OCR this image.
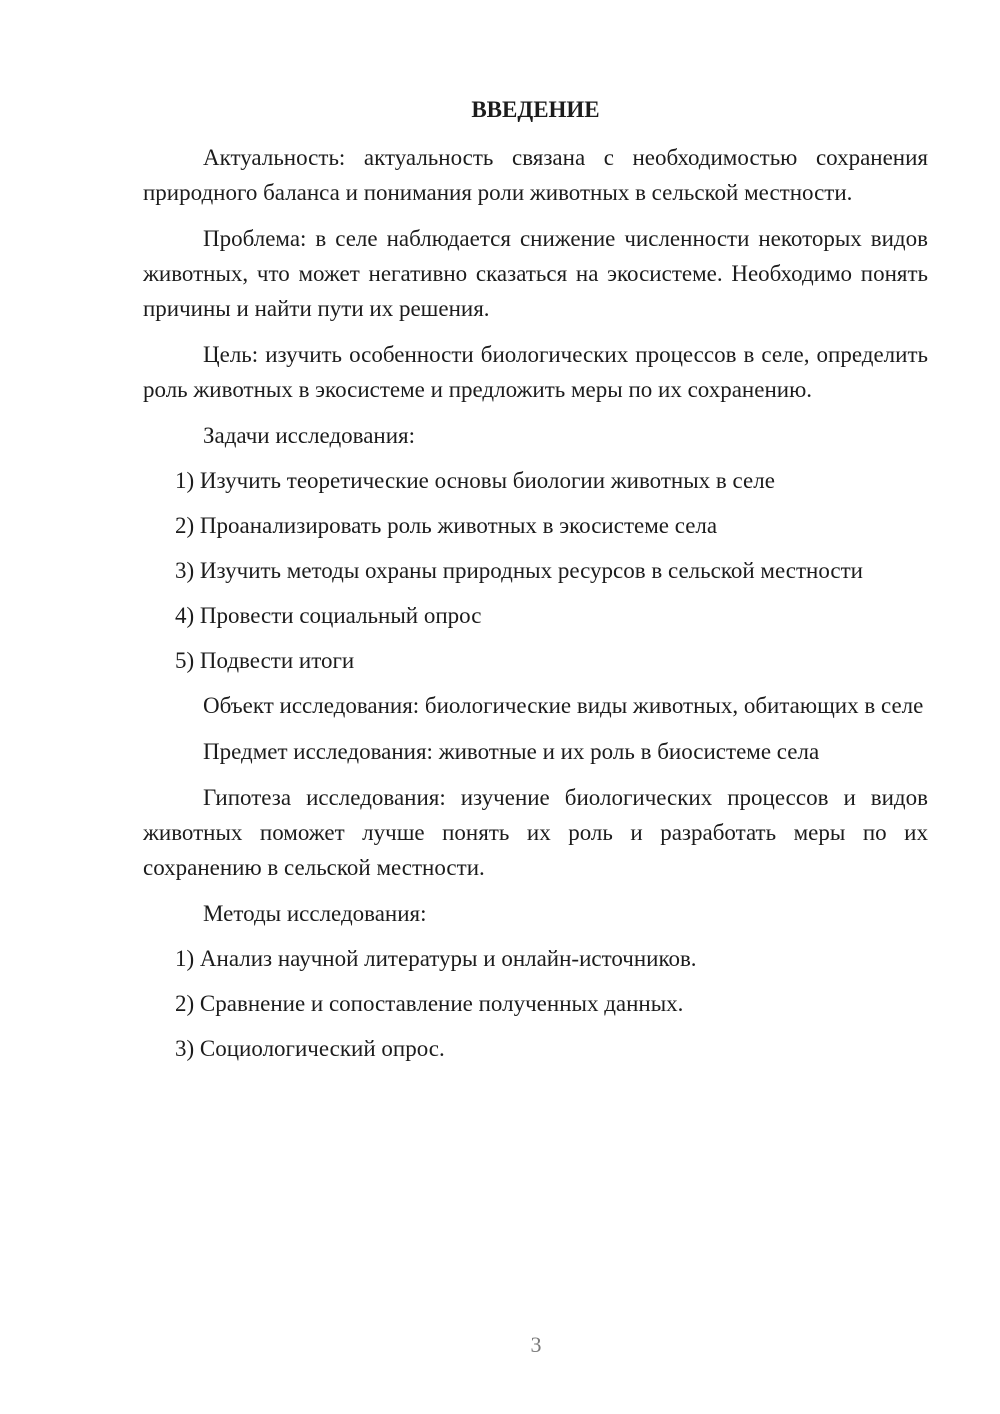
ВВЕДЕНИЕ

Актуальность: актуальность связана с необходимостью сохранения природного баланса и понимания роли животных в сельской местности.

Проблема: в селе наблюдается снижение численности некоторых видов животных, что может негативно сказаться на экосистеме. Необходимо понять причины и найти пути их решения.

Цель: изучить особенности биологических процессов в селе, определить роль животных в экосистеме и предложить меры по их сохранению.

Задачи исследования:
1) Изучить теоретические основы биологии животных в селе
2) Проанализировать роль животных в экосистеме села
3) Изучить методы охраны природных ресурсов в сельской местности
4) Провести социальный опрос
5) Подвести итоги

Объект исследования: биологические виды животных, обитающих в селе

Предмет исследования: животные и их роль в биосистеме села

Гипотеза исследования: изучение биологических процессов и видов животных поможет лучше понять их роль и разработать меры по их сохранению в сельской местности.

Методы исследования:
1) Анализ научной литературы и онлайн-источников.
2) Сравнение и сопоставление полученных данных.
3) Социологический опрос.
3
